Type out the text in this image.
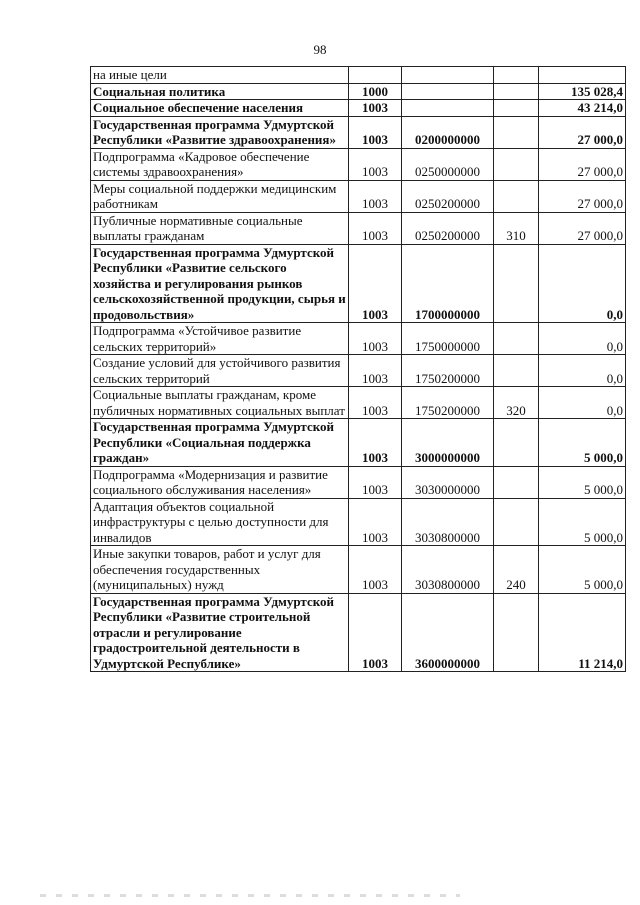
98
на иные цели				
Социальная политика	1000			135 028,4
Социальное обеспечение населения	1003			43 214,0
Государственная программа Удмуртской Республики «Развитие здравоохранения»	1003	0200000000		27 000,0
Подпрограмма «Кадровое обеспечение системы здравоохранения»	1003	0250000000		27 000,0
Меры социальной поддержки медицинским работникам	1003	0250200000		27 000,0
Публичные нормативные социальные выплаты гражданам	1003	0250200000	310	27 000,0
Государственная программа Удмуртской Республики «Развитие сельского хозяйства и регулирования рынков сельскохозяйственной продукции, сырья и продовольствия»	1003	1700000000		0,0
Подпрограмма «Устойчивое развитие сельских территорий»	1003	1750000000		0,0
Создание условий для устойчивого развития сельских территорий	1003	1750200000		0,0
Социальные выплаты гражданам, кроме публичных нормативных социальных выплат	1003	1750200000	320	0,0
Государственная программа Удмуртской Республики «Социальная поддержка граждан»	1003	3000000000		5 000,0
Подпрограмма «Модернизация и развитие социального обслуживания населения»	1003	3030000000		5 000,0
Адаптация объектов социальной инфраструктуры с целью доступности для инвалидов	1003	3030800000		5 000,0
Иные закупки товаров, работ и услуг для обеспечения государственных (муниципальных) нужд	1003	3030800000	240	5 000,0
Государственная программа Удмуртской Республики «Развитие строительной отрасли и регулирование градостроительной деятельности в Удмуртской Республике»	1003	3600000000		11 214,0
